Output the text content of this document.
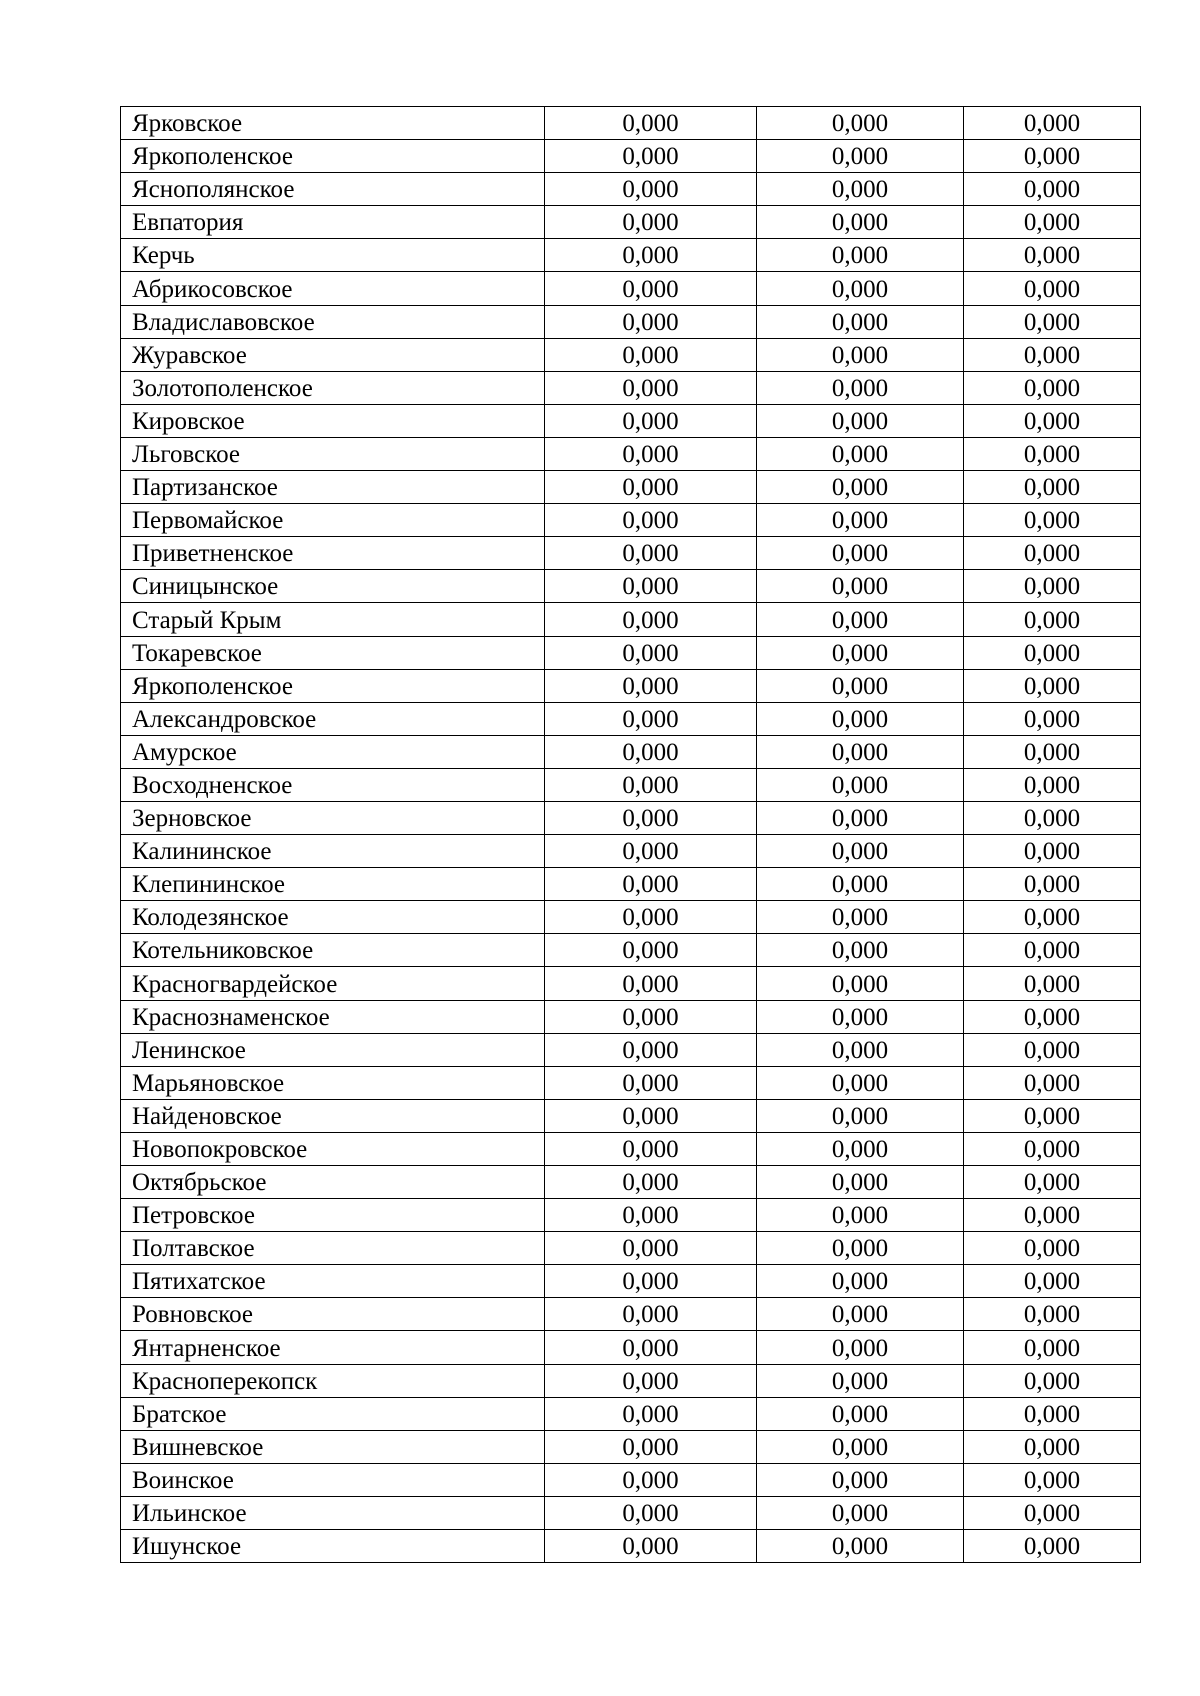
Ярковское	0,000	0,000	0,000
Яркополенское	0,000	0,000	0,000
Яснополянское	0,000	0,000	0,000
Евпатория	0,000	0,000	0,000
Керчь	0,000	0,000	0,000
Абрикосовское	0,000	0,000	0,000
Владиславовское	0,000	0,000	0,000
Журавское	0,000	0,000	0,000
Золотополенское	0,000	0,000	0,000
Кировское	0,000	0,000	0,000
Льговское	0,000	0,000	0,000
Партизанское	0,000	0,000	0,000
Первомайское	0,000	0,000	0,000
Приветненское	0,000	0,000	0,000
Синицынское	0,000	0,000	0,000
Старый Крым	0,000	0,000	0,000
Токаревское	0,000	0,000	0,000
Яркополенское	0,000	0,000	0,000
Александровское	0,000	0,000	0,000
Амурское	0,000	0,000	0,000
Восходненское	0,000	0,000	0,000
Зерновское	0,000	0,000	0,000
Калининское	0,000	0,000	0,000
Клепининское	0,000	0,000	0,000
Колодезянское	0,000	0,000	0,000
Котельниковское	0,000	0,000	0,000
Красногвардейское	0,000	0,000	0,000
Краснознаменское	0,000	0,000	0,000
Ленинское	0,000	0,000	0,000
Марьяновское	0,000	0,000	0,000
Найденовское	0,000	0,000	0,000
Новопокровское	0,000	0,000	0,000
Октябрьское	0,000	0,000	0,000
Петровское	0,000	0,000	0,000
Полтавское	0,000	0,000	0,000
Пятихатское	0,000	0,000	0,000
Ровновское	0,000	0,000	0,000
Янтарненское	0,000	0,000	0,000
Красноперекопск	0,000	0,000	0,000
Братское	0,000	0,000	0,000
Вишневское	0,000	0,000	0,000
Воинское	0,000	0,000	0,000
Ильинское	0,000	0,000	0,000
Ишунское	0,000	0,000	0,000
